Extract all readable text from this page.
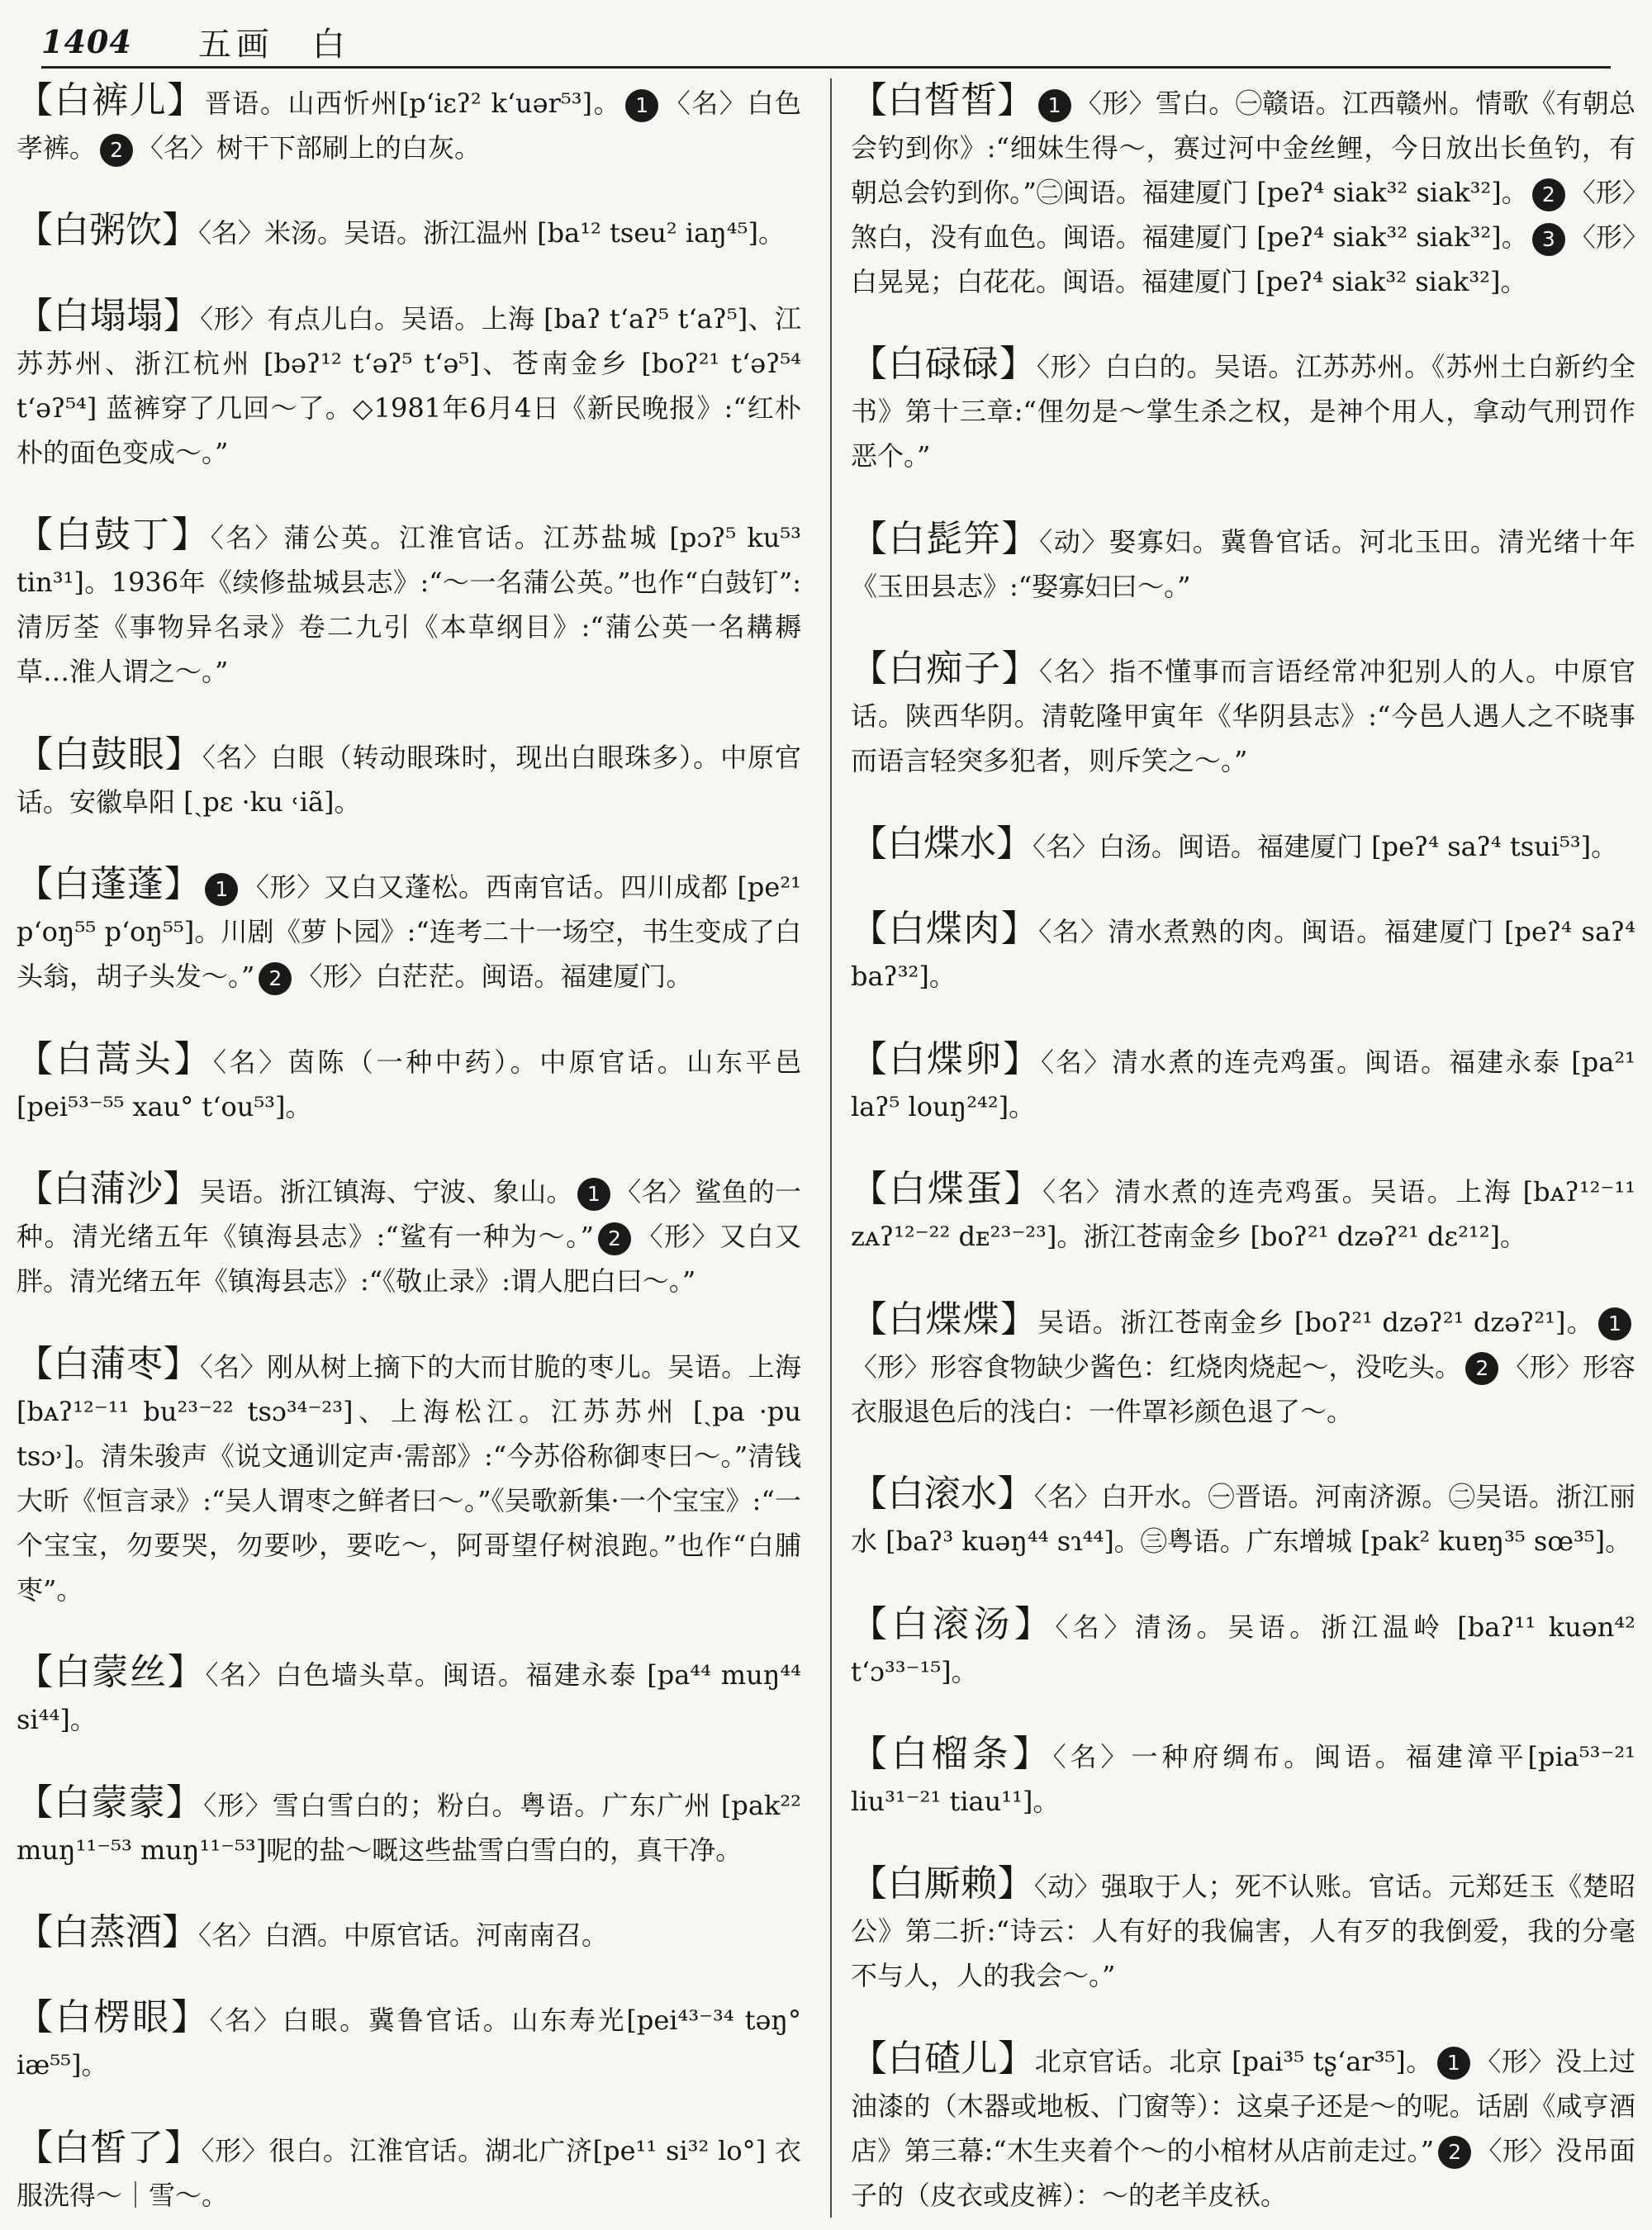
1404 五画　白

【白裤儿】晋语。山西忻州[pʻiɛʔ² kʻuər⁵³]。 1 〈名〉白色孝裤。 2 〈名〉树干下部刷上的白灰。

【白粥饮】〈名〉米汤。吴语。浙江温州 [ba¹² tseu² iaŋ⁴⁵]。

【白塌塌】〈形〉有点儿白。吴语。上海 [baʔ tʻaʔ⁵ tʻaʔ⁵]、江苏苏州、浙江杭州 [bəʔ¹² tʻəʔ⁵ tʻə⁵]、苍南金乡 [boʔ²¹ tʻəʔ⁵⁴ tʻəʔ⁵⁴] 蓝裤穿了几回～了。◇1981年6月4日《新民晚报》:“红朴朴的面色变成～。”

【白鼓丁】〈名〉蒲公英。江淮官话。江苏盐城 [pɔʔ⁵ ku⁵³ tin³¹]。1936年《续修盐城县志》:“～一名蒲公英。”也作“白鼓钉”:清厉荃《事物异名录》卷二九引《本草纲目》:“蒲公英一名耩耨草…淮人谓之～。”

【白鼓眼】〈名〉白眼（转动眼珠时，现出白眼珠多）。中原官话。安徽阜阳 [ˏpɛ ·ku ˓iã]。

【白蓬蓬】 1 〈形〉又白又蓬松。西南官话。四川成都 [pe²¹ pʻoŋ⁵⁵ pʻoŋ⁵⁵]。川剧《萝卜园》:“连考二十一场空，书生变成了白头翁，胡子头发～。” 2 〈形〉白茫茫。闽语。福建厦门。

【白蒿头】〈名〉茵陈（一种中药）。中原官话。山东平邑 [pei⁵³⁻⁵⁵ xau° tʻou⁵³]。

【白蒲沙】吴语。浙江镇海、宁波、象山。 1 〈名〉鲨鱼的一种。清光绪五年《镇海县志》:“鲨有一种为～。” 2 〈形〉又白又胖。清光绪五年《镇海县志》:“《敬止录》:谓人肥白曰～。”

【白蒲枣】〈名〉刚从树上摘下的大而甘脆的枣儿。吴语。上海[bᴀʔ¹²⁻¹¹ bu²³⁻²² tsɔ³⁴⁻²³]、上海松江。江苏苏州 [ˏpa ·pu tsɔ˒]。清朱骏声《说文通训定声·需部》:“今苏俗称御枣曰～。”清钱大昕《恒言录》:“吴人谓枣之鲜者曰～。”《吴歌新集·一个宝宝》:“一个宝宝，勿要哭，勿要吵，要吃～，阿哥望仔树浪跑。”也作“白脯枣”。

【白蒙丝】〈名〉白色墙头草。闽语。福建永泰 [pa⁴⁴ muŋ⁴⁴ si⁴⁴]。

【白蒙蒙】〈形〉雪白雪白的；粉白。粤语。广东广州 [pak²² muŋ¹¹⁻⁵³ muŋ¹¹⁻⁵³]呢的盐～嘅这些盐雪白雪白的，真干净。

【白蒸酒】〈名〉白酒。中原官话。河南南召。

【白楞眼】〈名〉白眼。冀鲁官话。山东寿光[pei⁴³⁻³⁴ təŋ° iæ⁵⁵]。

【白皙了】〈形〉很白。江淮官话。湖北广济[pe¹¹ si³² lo°] 衣服洗得～｜雪～。

【白皙皙】 1 〈形〉雪白。㊀赣语。江西赣州。情歌《有朝总会钓到你》:“细妹生得～，赛过河中金丝鲤，今日放出长鱼钓，有朝总会钓到你。”㊁闽语。福建厦门 [peʔ⁴ siak³² siak³²]。 2 〈形〉煞白，没有血色。闽语。福建厦门 [peʔ⁴ siak³² siak³²]。 3 〈形〉白晃晃；白花花。闽语。福建厦门 [peʔ⁴ siak³² siak³²]。

【白碌碌】〈形〉白白的。吴语。江苏苏州。《苏州土白新约全书》第十三章:“俚勿是～掌生杀之权，是神个用人，拿动气刑罚作恶个。”

【白髭笄】〈动〉娶寡妇。冀鲁官话。河北玉田。清光绪十年《玉田县志》:“娶寡妇曰～。”

【白痴子】〈名〉指不懂事而言语经常冲犯别人的人。中原官话。陕西华阴。清乾隆甲寅年《华阴县志》:“今邑人遇人之不晓事而语言轻突多犯者，则斥笑之～。”

【白煠水】〈名〉白汤。闽语。福建厦门 [peʔ⁴ saʔ⁴ tsui⁵³]。

【白煠肉】〈名〉清水煮熟的肉。闽语。福建厦门 [peʔ⁴ saʔ⁴ baʔ³²]。

【白煠卵】〈名〉清水煮的连壳鸡蛋。闽语。福建永泰 [pa²¹ laʔ⁵ louŋ²⁴²]。

【白煠蛋】〈名〉清水煮的连壳鸡蛋。吴语。上海 [bᴀʔ¹²⁻¹¹ zᴀʔ¹²⁻²² dᴇ²³⁻²³]。浙江苍南金乡 [boʔ²¹ dzəʔ²¹ dɛ²¹²]。

【白煠煠】吴语。浙江苍南金乡 [boʔ²¹ dzəʔ²¹ dzəʔ²¹]。 1〈形〉形容食物缺少酱色：红烧肉烧起～，没吃头。 2 〈形〉形容衣服退色后的浅白：一件罩衫颜色退了～。

【白滚水】〈名〉白开水。㊀晋语。河南济源。㊁吴语。浙江丽水 [baʔ³ kuəŋ⁴⁴ sɿ⁴⁴]。㊂粤语。广东增城 [pak² kuɐŋ³⁵ sœ³⁵]。

【白滚汤】〈名〉清汤。吴语。浙江温岭 [baʔ¹¹ kuən⁴² tʻɔ³³⁻¹⁵]。

【白榴条】〈名〉一种府绸布。闽语。福建漳平[pia⁵³⁻²¹ liu³¹⁻²¹ tiau¹¹]。

【白厮赖】〈动〉强取于人；死不认账。官话。元郑廷玉《楚昭公》第二折:“诗云：人有好的我偏害，人有歹的我倒爱，我的分毫不与人，人的我会～。”

【白碴儿】北京官话。北京 [pai³⁵ tʂʻar³⁵]。 1 〈形〉没上过油漆的（木器或地板、门窗等）：这桌子还是～的呢。话剧《咸亨酒店》第三幕:“木生夹着个～的小棺材从店前走过。” 2 〈形〉没吊面子的（皮衣或皮裤）：～的老羊皮袄。
